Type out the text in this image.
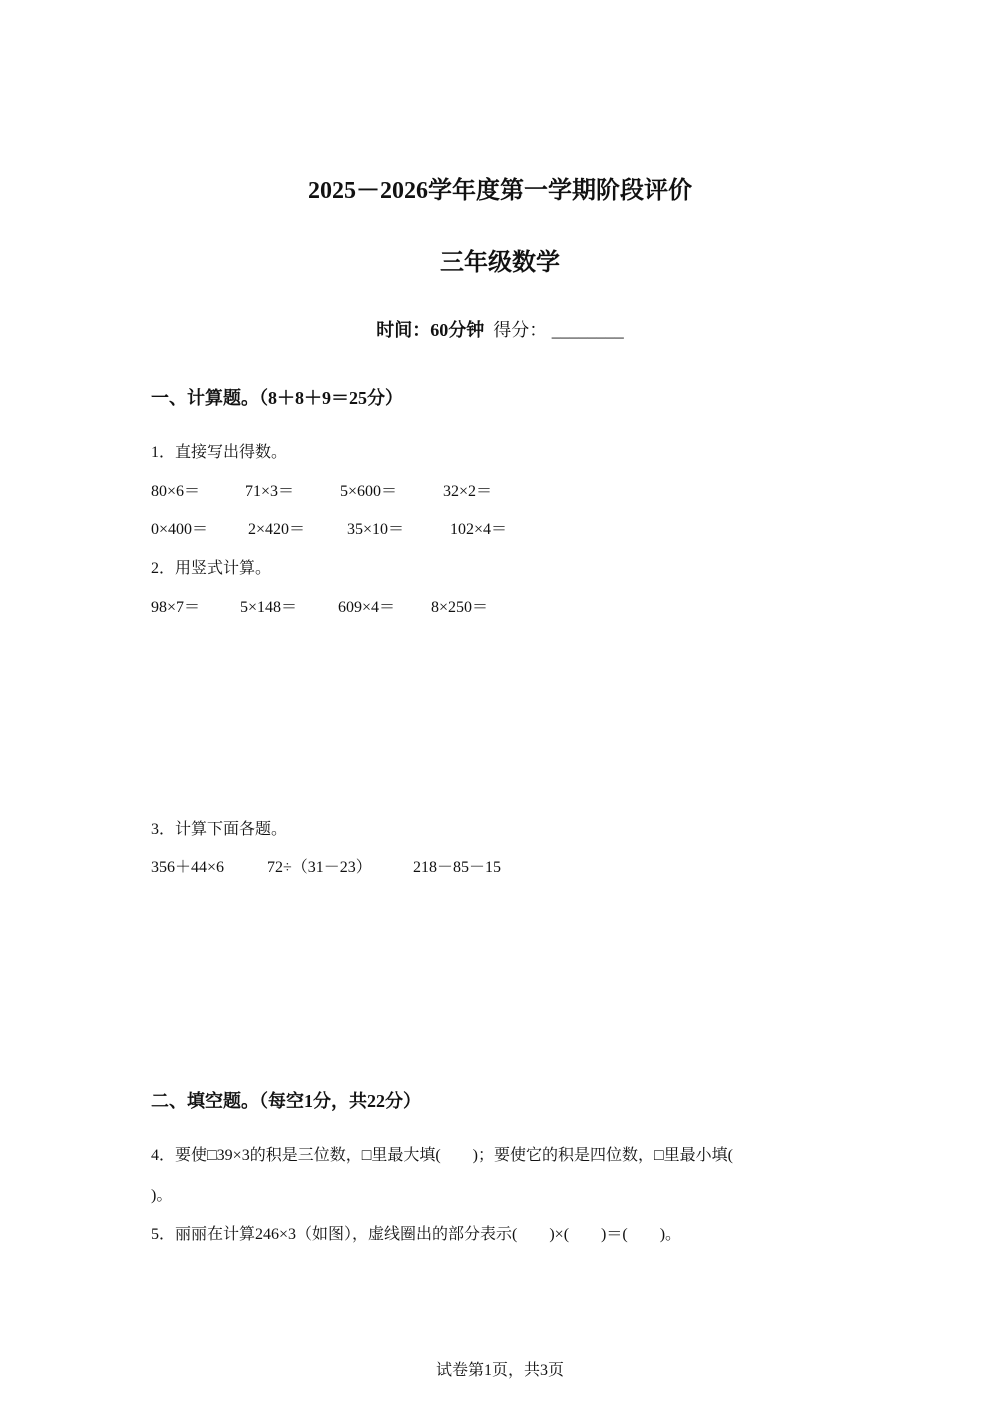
2025－2026学年度第一学期阶段评价
三年级数学
时间：60分钟 得分： ________
一、计算题。（8＋8＋9＝25分）
1．直接写出得数。
80×6＝	71×3＝	5×600＝	32×2＝
0×400＝ 2×420＝	35×10＝	102×4＝
2．用竖式计算。
98×7＝ 5×148＝	609×4＝ 8×250＝
3．计算下面各题。
356＋44×6	72÷（31－23）	218－85－15
二、填空题。（每空1分，共22分）
4．要使□39×3的积是三位数，□里最大填(　　)；要使它的积是四位数，□里最小填(
)。
5．丽丽在计算246×3（如图），虚线圈出的部分表示(　　)×(　　)＝(　　)。
试卷第1页，共3页
